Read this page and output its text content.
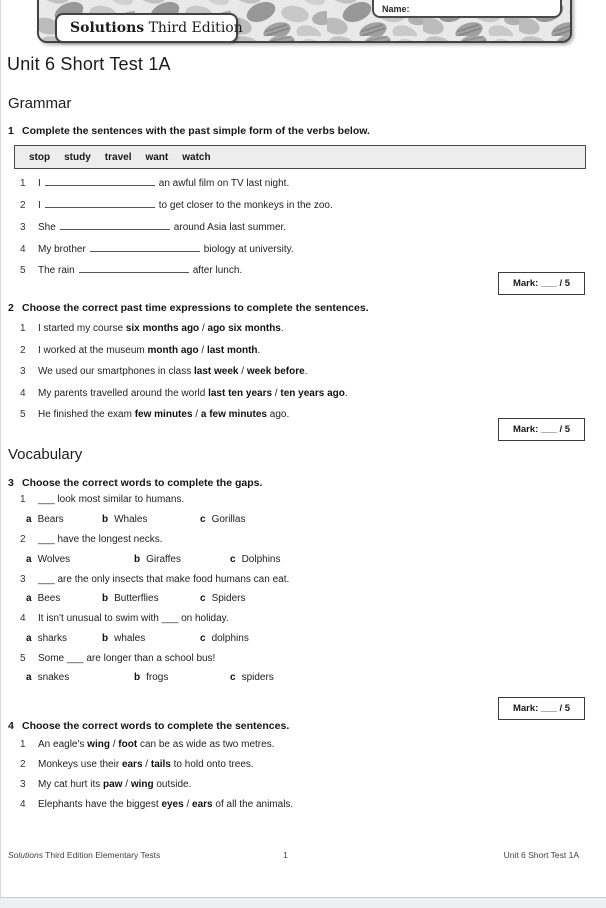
Solutions Third Edition
Name:
Unit 6 Short Test 1A
Grammar
1 Complete the sentences with the past simple form of the verbs below.
stop study travel want watch
1 I	an awful film on TV last night.
2 I	to get closer to the monkeys in the zoo.
3 She	around Asia last summer.
4 My brother	biology at university.
5 The rain	after lunch.
Mark: ___ / 5
2 Choose the correct past time expressions to complete the sentences.
1 I started my course six months ago / ago six months.
2 I worked at the museum month ago / last month.
3 We used our smartphones in class last week / week before.
4 My parents travelled around the world last ten years / ten years ago.
5 He finished the exam few minutes / a few minutes ago.
Mark: ___ / 5
Vocabulary
3 Choose the correct words to complete the gaps.
1 ___ look most similar to humans.
a Bears	b Whales	c Gorillas
2 ___ have the longest necks.
a Wolves	b Giraffes	c Dolphins
3 ___ are the only insects that make food humans can eat.
a Bees	b Butterflies	c Spiders
4 It isn't unusual to swim with ___ on holiday.
a sharks	b whales	c dolphins
5 Some ___ are longer than a school bus!
a snakes	b frogs	c spiders
Mark: ___ / 5
4 Choose the correct words to complete the sentences.
1 An eagle's wing / foot can be as wide as two metres.
2 Monkeys use their ears / tails to hold onto trees.
3 My cat hurt its paw / wing outside.
4 Elephants have the biggest eyes / ears of all the animals.
Solutions Third Edition Elementary Tests	1	Unit 6 Short Test 1A
